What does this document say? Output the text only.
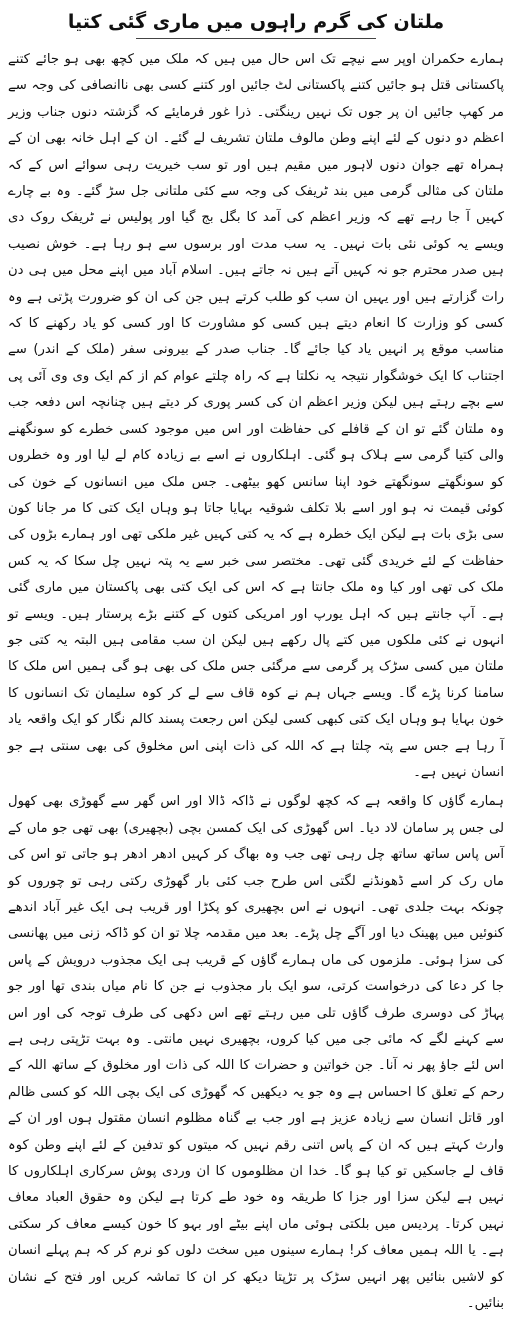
ملتان کی گرم راہوں میں ماری گئی کتیا

ہمارے حکمران اوپر سے نیچے تک اس حال میں ہیں کہ ملک میں کچھ بھی ہو جائے کتنے پاکستانی قتل ہو جائیں کتنے پاکستانی لٹ جائیں اور کتنے کسی بھی ناانصافی کی وجہ سے مر کھپ جائیں ان پر جوں تک نہیں رینگتی۔ ذرا غور فرمایئے کہ گزشتہ دنوں جناب وزیر اعظم دو دنوں کے لئے اپنے وطن مالوف ملتان تشریف لے گئے۔ ان کے اہل خانہ بھی ان کے ہمراہ تھے جوان دنوں لاہور میں مقیم ہیں اور تو سب خیریت رہی سوائے اس کے کہ ملتان کی مثالی گرمی میں بند ٹریفک کی وجہ سے کئی ملتانی جل سڑ گئے۔ وہ بے چارے کہیں آ جا رہے تھے کہ وزیر اعظم کی آمد کا بگل بج گیا اور پولیس نے ٹریفک روک دی ویسے یہ کوئی نئی بات نہیں۔ یہ سب مدت اور برسوں سے ہو رہا ہے۔ خوش نصیب ہیں صدر محترم جو نہ کہیں آتے ہیں نہ جاتے ہیں۔ اسلام آباد میں اپنے محل میں ہی دن رات گزارتے ہیں اور یہیں ان سب کو طلب کرتے ہیں جن کی ان کو ضرورت پڑتی ہے وہ کسی کو وزارت کا انعام دیتے ہیں کسی کو مشاورت کا اور کسی کو یاد رکھنے کا کہ مناسب موقع پر انہیں یاد کیا جائے گا۔ جناب صدر کے بیرونی سفر (ملک کے اندر) سے اجتناب کا ایک خوشگوار نتیجہ یہ نکلتا ہے کہ راہ چلتے عوام کم از کم ایک وی وی آئی پی سے بچے رہتے ہیں لیکن وزیر اعظم ان کی کسر پوری کر دیتے ہیں چنانچہ اس دفعہ جب وہ ملتان گئے تو ان کے قافلے کی حفاظت اور اس میں موجود کسی خطرے کو سونگھنے والی کتیا گرمی سے ہلاک ہو گئی۔ اہلکاروں نے اسے بے زیادہ کام لے لیا اور وہ خطروں کو سونگھتے سونگھتے خود اپنا سانس کھو بیٹھی۔ جس ملک میں انسانوں کے خون کی کوئی قیمت نہ ہو اور اسے بلا تکلف شوقیہ بہایا جاتا ہو وہاں ایک کتی کا مر جانا کون سی بڑی بات ہے لیکن ایک خطرہ ہے کہ یہ کتی کہیں غیر ملکی تھی اور ہمارے بڑوں کی حفاظت کے لئے خریدی گئی تھی۔ مختصر سی خبر سے یہ پتہ نہیں چل سکا کہ یہ کس ملک کی تھی اور کیا وہ ملک جانتا ہے کہ اس کی ایک کتی بھی پاکستان میں ماری گئی ہے۔ آپ جانتے ہیں کہ اہل یورپ اور امریکی کتوں کے کتنے بڑے پرستار ہیں۔ ویسے تو انہوں نے کئی ملکوں میں کتے پال رکھے ہیں لیکن ان سب مقامی ہیں البتہ یہ کتی جو ملتان میں کسی سڑک پر گرمی سے مرگئی جس ملک کی بھی ہو گی ہمیں اس ملک کا سامنا کرنا پڑے گا۔ ویسے جہاں ہم نے کوہ قاف سے لے کر کوہ سلیمان تک انسانوں کا خون بہایا ہو وہاں ایک کتی کبھی کسی لیکن اس رجعت پسند کالم نگار کو ایک واقعہ یاد آ رہا ہے جس سے پتہ چلتا ہے کہ اللہ کی ذات اپنی اس مخلوق کی بھی سنتی ہے جو انسان نہیں ہے۔

ہمارے گاؤں کا واقعہ ہے کہ کچھ لوگوں نے ڈاکہ ڈالا اور اس گھر سے گھوڑی بھی کھول لی جس پر سامان لاد دیا۔ اس گھوڑی کی ایک کمسن بچی (بچھیری) بھی تھی جو ماں کے آس پاس ساتھ ساتھ چل رہی تھی جب وہ بھاگ کر کہیں ادھر ادھر ہو جاتی تو اس کی ماں رک کر اسے ڈھونڈنے لگتی اس طرح جب کئی بار گھوڑی رکتی رہی تو چوروں کو چونکہ بہت جلدی تھی۔ انہوں نے اس بچھیری کو پکڑا اور قریب ہی ایک غیر آباد اندھے کنوئیں میں پھینک دیا اور آگے چل پڑے۔ بعد میں مقدمہ چلا تو ان کو ڈاکہ زنی میں پھانسی کی سزا ہوئی۔ ملزموں کی ماں ہمارے گاؤں کے قریب ہی ایک مجذوب درویش کے پاس جا کر دعا کی درخواست کرتی، سو ایک بار مجذوب نے جن کا نام میاں بندی تھا اور جو پہاڑ کی دوسری طرف گاؤں تلی میں رہتے تھے اس دکھی کی طرف توجہ کی اور اس سے کہنے لگے کہ مائی جی میں کیا کروں، بچھیری نہیں مانتی۔ وہ بہت تڑپتی رہی ہے اس لئے جاؤ پھر نہ آنا۔ جن خواتین و حضرات کا اللہ کی ذات اور مخلوق کے ساتھ اللہ کے رحم کے تعلق کا احساس ہے وہ جو یہ دیکھیں کہ گھوڑی کی ایک بچی اللہ کو کسی ظالم اور قاتل انسان سے زیادہ عزیز ہے اور جب بے گناہ مظلوم انسان مقتول ہوں اور ان کے وارث کہتے ہیں کہ ان کے پاس اتنی رقم نہیں کہ میتوں کو تدفین کے لئے اپنے وطن کوہ قاف لے جاسکیں تو کیا ہو گا۔ خدا ان مظلوموں کا ان وردی پوش سرکاری اہلکاروں کا نہیں ہے لیکن سزا اور جزا کا طریقہ وہ خود طے کرتا ہے لیکن وہ حقوق العباد معاف نہیں کرتا۔ پردیس میں بلکتی ہوئی ماں اپنے بیٹے اور بہو کا خون کیسے معاف کر سکتی ہے۔ یا اللہ ہمیں معاف کر! ہمارے سینوں میں سخت دلوں کو نرم کر کہ ہم پہلے انسان کو لاشیں بنائیں پھر انہیں سڑک پر تڑپتا دیکھ کر ان کا تماشہ کریں اور فتح کے نشان بنائیں۔
